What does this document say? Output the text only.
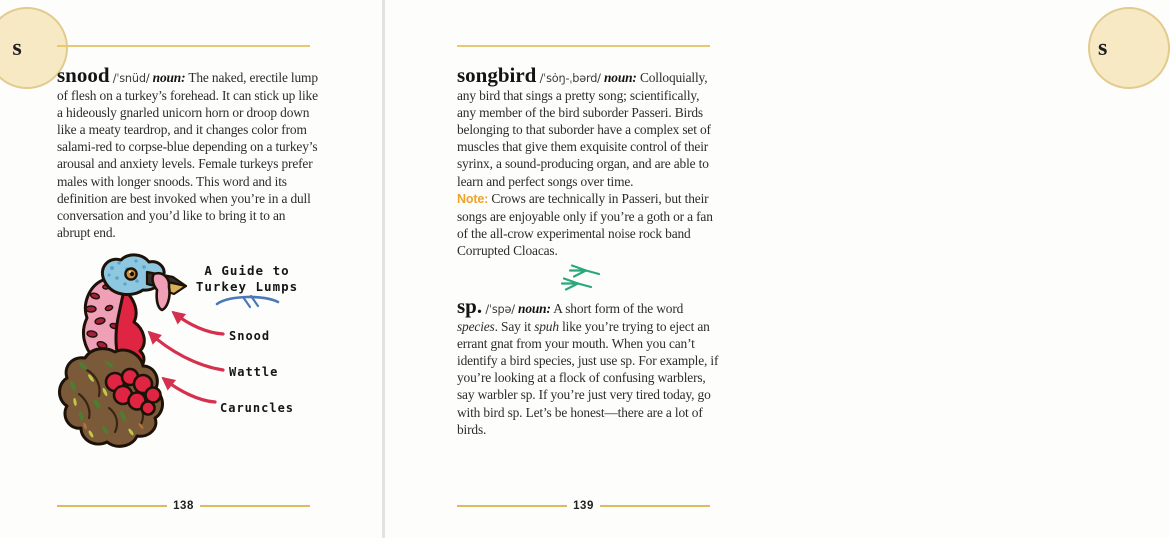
s

snood /ˈsnüd/ noun: The naked, erectile lump of flesh on a turkey’s forehead. It can stick up like a hideously gnarled unicorn horn or droop down like a meaty teardrop, and it changes color from salami-red to corpse-blue depending on a turkey’s arousal and anxiety levels. Female turkeys prefer males with longer snoods. This word and its definition are best invoked when you’re in a dull conversation and you’d like to bring it to an abrupt end.

A Guide to
Turkey Lumps
Snood
Wattle
Caruncles
138

songbird /ˈsȯŋ-ˌbərd/ noun: Colloquially, any bird that sings a pretty song; scientifically, any member of the bird suborder Passeri. Birds belonging to that suborder have a complex set of muscles that give them exquisite control of their syrinx, a sound-producing organ, and are able to learn and perfect songs over time.
Note: Crows are technically in Passeri, but their songs are enjoyable only if you’re a goth or a fan of the all-crow experimental noise rock band Corrupted Cloacas.

sp. /ˈspə/ noun: A short form of the word species. Say it spuh like you’re trying to eject an errant gnat from your mouth. When you can’t identify a bird species, just use sp. For example, if you’re looking at a flock of confusing warblers, say warbler sp. If you’re just very tired today, go with bird sp. Let’s be honest—there are a lot of birds.

s
139
